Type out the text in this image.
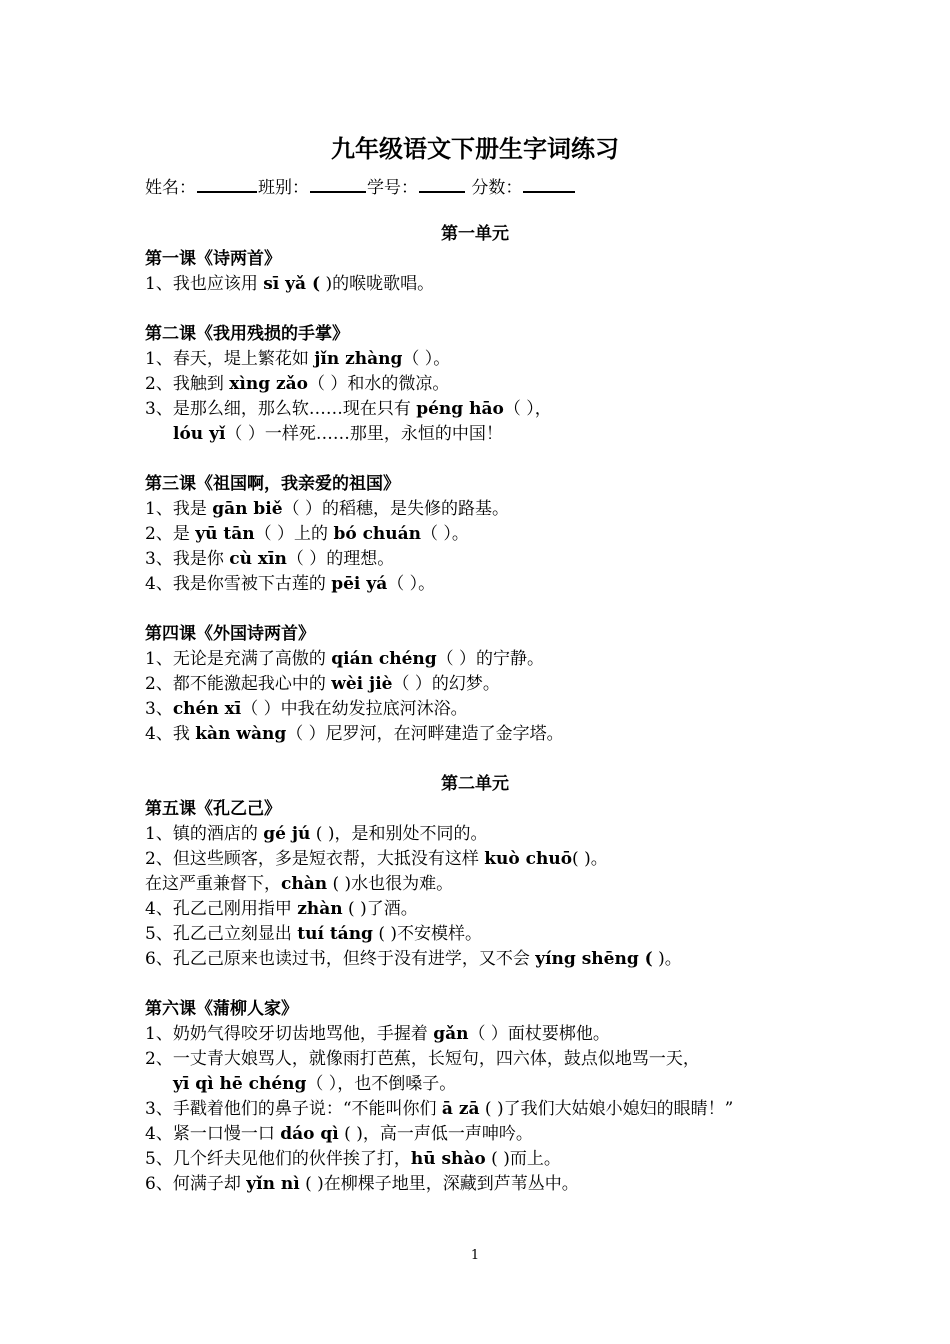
九年级语文下册生字词练习
姓名：	班别：	学号：	分数：
第一单元
第一课《诗两首》
1、我也应该用 sī yǎ ( )的喉咙歌唱。
第二课《我用残损的手掌》
1、春天，堤上繁花如 jǐn zhàng（ ）。
2、我触到 xìng zǎo（ ）和水的微凉。
3、是那么细，那么软……现在只有 péng hāo（ ），
lóu yǐ（ ）一样死……那里，永恒的中国！
第三课《祖国啊，我亲爱的祖国》
1、我是 gān biě（ ）的稻穗，是失修的路基。
2、是 yū tān（ ）上的 bó chuán（ ）。
3、我是你 cù xīn（ ）的理想。
4、我是你雪被下古莲的 pēi yá（ ）。
第四课《外国诗两首》
1、无论是充满了高傲的 qián chéng（ ）的宁静。
2、都不能激起我心中的 wèi jiè（ ）的幻梦。
3、chén xī（ ）中我在幼发拉底河沐浴。
4、我 kàn wàng（ ）尼罗河，在河畔建造了金字塔。
第二单元
第五课《孔乙己》
1、镇的酒店的 gé jú ( )，是和别处不同的。
2、但这些顾客，多是短衣帮，大抵没有这样 kuò chuō( )。
在这严重兼督下，chàn ( )水也很为难。
4、孔乙己刚用指甲 zhàn ( )了酒。
5、孔乙己立刻显出 tuí táng ( )不安模样。
6、孔乙己原来也读过书，但终于没有进学，又不会 yíng shēng ( )。
第六课《蒲柳人家》
1、奶奶气得咬牙切齿地骂他，手握着 gǎn（ ）面杖要梆他。
2、一丈青大娘骂人，就像雨打芭蕉，长短句，四六体，鼓点似地骂一天，
yī qì hē chéng（ ），也不倒嗓子。
3、手戳着他们的鼻子说：“不能叫你们 ā zā ( )了我们大姑娘小媳妇的眼睛！”
4、紧一口慢一口 dáo qì ( )，高一声低一声呻吟。
5、几个纤夫见他们的伙伴挨了打，hū shào ( )而上。
6、何满子却 yǐn nì ( )在柳棵子地里，深藏到芦苇丛中。
1
